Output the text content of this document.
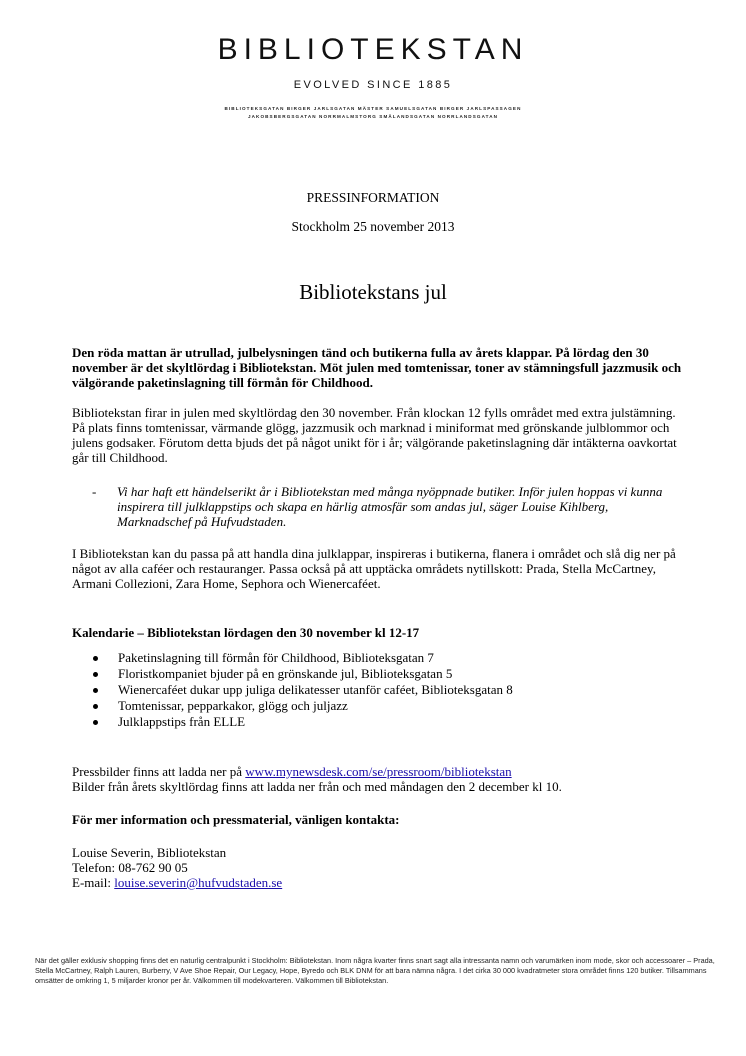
BIBLIOTEKSTAN
EVOLVED SINCE 1885
BIBLIOTEKSGATAN BIRGER JARLSGATAN MÄSTER SAMUELSGATAN BIRGER JARLSPASSAGEN
JAKOBSBERGSGATAN NORRMALMSTORG SMÅLANDSGATAN NORRLANDSGATAN
PRESSINFORMATION
Stockholm 25 november 2013
Bibliotekstans jul
Den röda mattan är utrullad, julbelysningen tänd och butikerna fulla av årets klappar. På lördag den 30 november är det skyltlördag i Bibliotekstan. Möt julen med tomtenissar, toner av stämningsfull jazzmusik och välgörande paketinslagning till förmån för Childhood.
Bibliotekstan firar in julen med skyltlördag den 30 november. Från klockan 12 fylls området med extra julstämning. På plats finns tomtenissar, värmande glögg, jazzmusik och marknad i miniformat med grönskande julblommor och julens godsaker. Förutom detta bjuds det på något unikt för i år; välgörande paketinslagning där intäkterna oavkortat går till Childhood.
- Vi har haft ett händelserikt år i Bibliotekstan med många nyöppnade butiker. Inför julen hoppas vi kunna inspirera till julklappstips och skapa en härlig atmosfär som andas jul, säger Louise Kihlberg, Marknadschef på Hufvudstaden.
I Bibliotekstan kan du passa på att handla dina julklappar, inspireras i butikerna, flanera i området och slå dig ner på något av alla caféer och restauranger. Passa också på att upptäcka områdets nytillskott: Prada, Stella McCartney, Armani Collezioni, Zara Home, Sephora och Wienercaféet.
Kalendarie – Bibliotekstan lördagen den 30 november kl 12-17
Paketinslagning till förmån för Childhood, Biblioteksgatan 7
Floristkompaniet bjuder på en grönskande jul, Biblioteksgatan 5
Wienercaféet dukar upp juliga delikatesser utanför caféet, Biblioteksgatan 8
Tomtenissar, pepparkakor, glögg och juljazz
Julklappstips från ELLE
Pressbilder finns att ladda ner på www.mynewsdesk.com/se/pressroom/bibliotekstan
Bilder från årets skyltlördag finns att ladda ner från och med måndagen den 2 december kl 10.
För mer information och pressmaterial, vänligen kontakta:
Louise Severin, Bibliotekstan
Telefon: 08-762 90 05
E-mail: louise.severin@hufvudstaden.se
När det gäller exklusiv shopping finns det en naturlig centralpunkt i Stockholm: Bibliotekstan. Inom några kvarter finns snart sagt alla intressanta namn och varumärken inom mode, skor och accessoarer – Prada, Stella McCartney, Ralph Lauren, Burberry, V Ave Shoe Repair, Our Legacy, Hope, Byredo och BLK DNM för att bara nämna några. I det cirka 30 000 kvadratmeter stora området finns 120 butiker. Tillsammans omsätter de omkring 1, 5 miljarder kronor per år. Välkommen till modekvarteren. Välkommen till Bibliotekstan.
